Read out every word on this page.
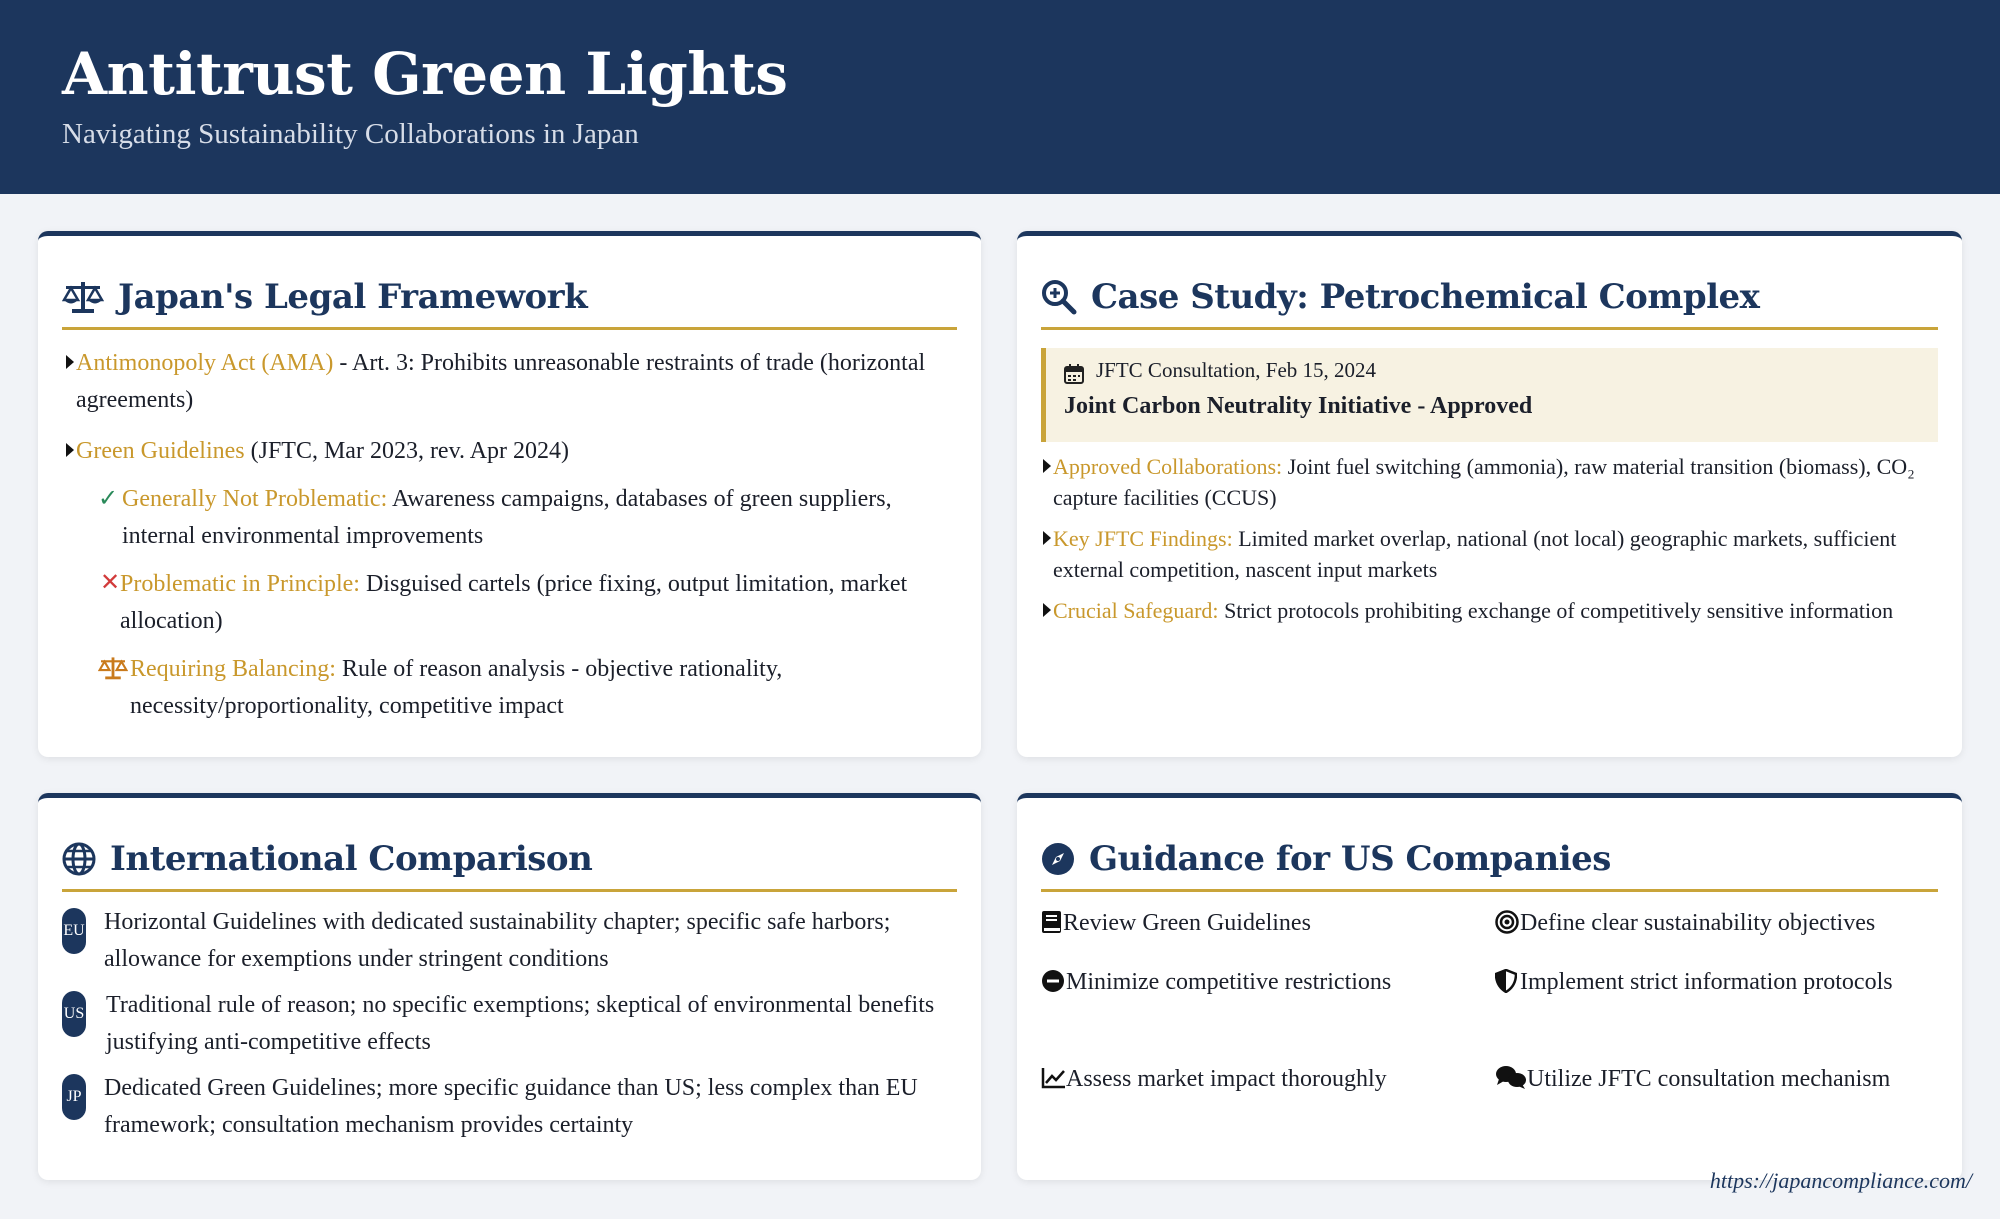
Antitrust Green Lights
Navigating Sustainability Collaborations in Japan
Japan's Legal Framework
Antimonopoly Act (AMA) - Art. 3: Prohibits unreasonable restraints of trade (horizontal agreements)
Green Guidelines (JFTC, Mar 2023, rev. Apr 2024)
✓ Generally Not Problematic: Awareness campaigns, databases of green suppliers, internal environmental improvements
✕ Problematic in Principle: Disguised cartels (price fixing, output limitation, market allocation)
Requiring Balancing: Rule of reason analysis - objective rationality, necessity/proportionality, competitive impact
Case Study: Petrochemical Complex
JFTC Consultation, Feb 15, 2024
Joint Carbon Neutrality Initiative - Approved
Approved Collaborations: Joint fuel switching (ammonia), raw material transition (biomass), CO₂ capture facilities (CCUS)
Key JFTC Findings: Limited market overlap, national (not local) geographic markets, sufficient external competition, nascent input markets
Crucial Safeguard: Strict protocols prohibiting exchange of competitively sensitive information
International Comparison
EU Horizontal Guidelines with dedicated sustainability chapter; specific safe harbors; allowance for exemptions under stringent conditions
US Traditional rule of reason; no specific exemptions; skeptical of environmental benefits justifying anti-competitive effects
JP Dedicated Green Guidelines; more specific guidance than US; less complex than EU framework; consultation mechanism provides certainty
Guidance for US Companies
Review Green Guidelines	Define clear sustainability objectives
Minimize competitive restrictions	Implement strict information protocols
Assess market impact thoroughly	Utilize JFTC consultation mechanism
https://japancompliance.com/
